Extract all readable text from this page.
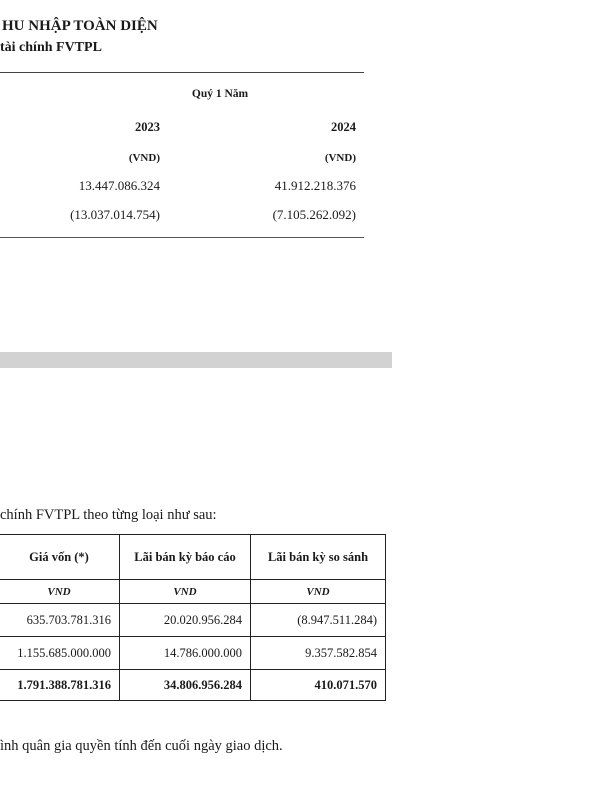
HU NHẬP TOÀN DIỆN
tài chính FVTPL
Quý 1 Năm
2023	2024
(VND)	(VND)
13.447.086.324	41.912.218.376
(13.037.014.754)	(7.105.262.092)
chính FVTPL theo từng loại như sau:
Giá vốn (*)	Lãi bán kỳ báo cáo	Lãi bán kỳ so sánh
VND	VND	VND
635.703.781.316	20.020.956.284	(8.947.511.284)
1.155.685.000.000	14.786.000.000	9.357.582.854
1.791.388.781.316	34.806.956.284	410.071.570
ình quân gia quyền tính đến cuối ngày giao dịch.
